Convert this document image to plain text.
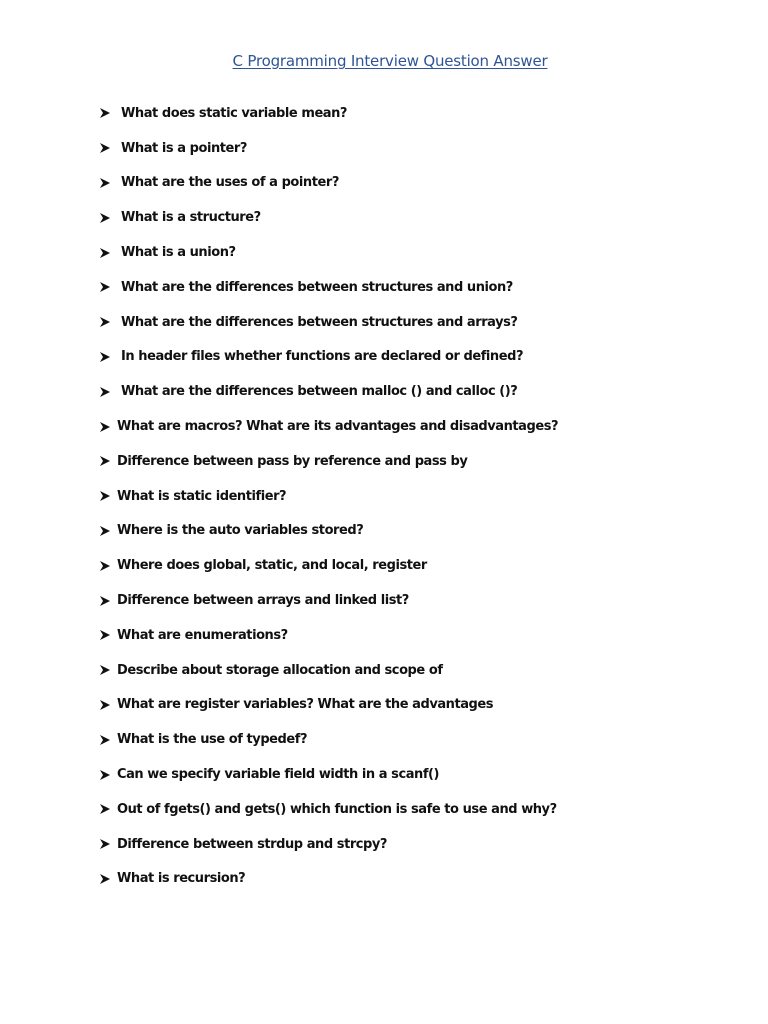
C Programming Interview Question Answer
What does static variable mean?
What is a pointer?
What are the uses of a pointer?
What is a structure?
What is a union?
What are the differences between structures and union?
What are the differences between structures and arrays?
In header files whether functions are declared or defined?
What are the differences between malloc () and calloc ()?
What are macros? What are its advantages and disadvantages?
Difference between pass by reference and pass by
What is static identifier?
Where is the auto variables stored?
Where does global, static, and local, register
Difference between arrays and linked list?
What are enumerations?
Describe about storage allocation and scope of
What are register variables? What are the advantages
What is the use of typedef?
Can we specify variable field width in a scanf()
Out of fgets() and gets() which function is safe to use and why?
Difference between strdup and strcpy?
What is recursion?
